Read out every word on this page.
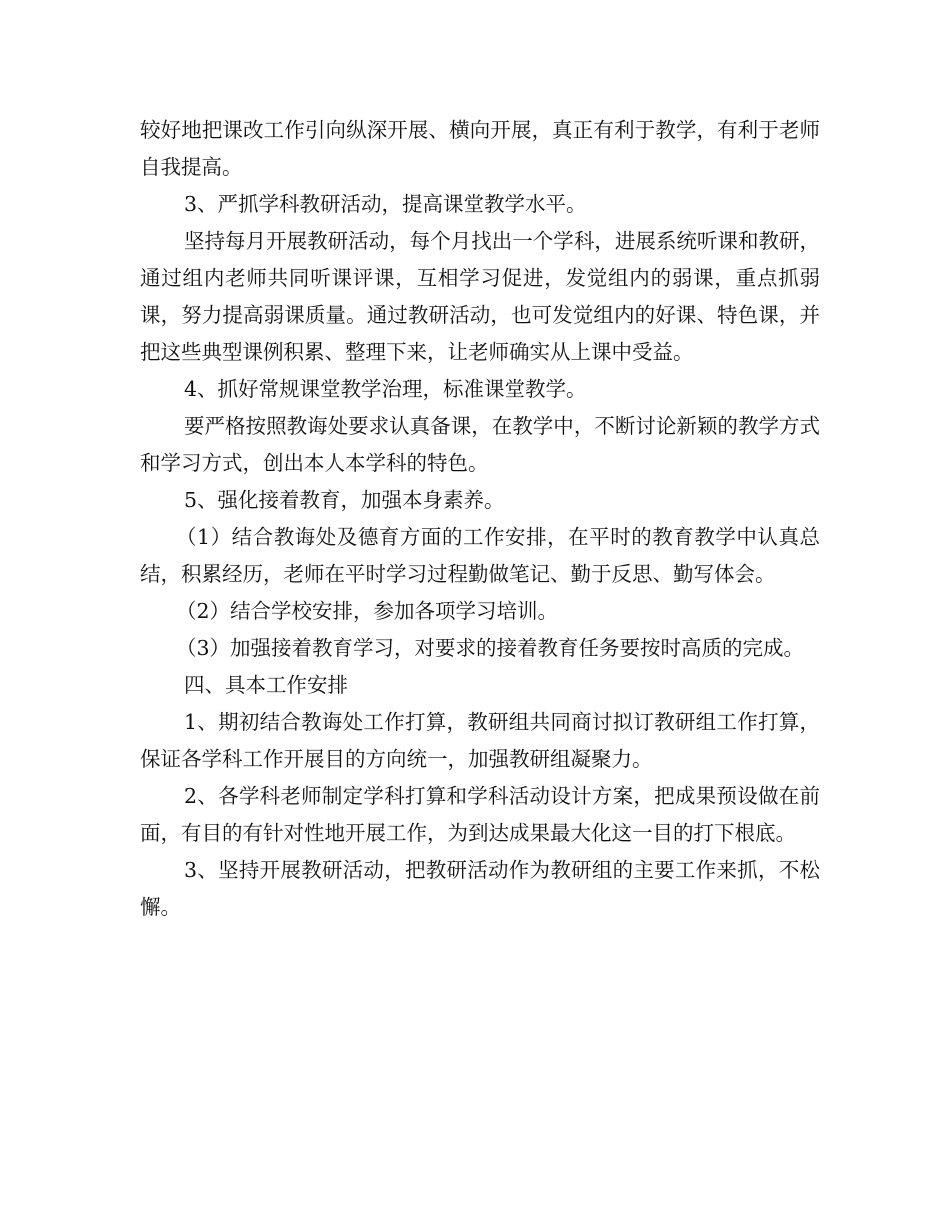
较好地把课改工作引向纵深开展、横向开展，真正有利于教学，有利于老师自我提高。

3、严抓学科教研活动，提高课堂教学水平。

坚持每月开展教研活动，每个月找出一个学科，进展系统听课和教研，通过组内老师共同听课评课，互相学习促进，发觉组内的弱课，重点抓弱课，努力提高弱课质量。通过教研活动，也可发觉组内的好课、特色课，并把这些典型课例积累、整理下来，让老师确实从上课中受益。

4、抓好常规课堂教学治理，标准课堂教学。

要严格按照教诲处要求认真备课，在教学中，不断讨论新颖的教学方式和学习方式，创出本人本学科的特色。

5、强化接着教育，加强本身素养。

（1）结合教诲处及德育方面的工作安排，在平时的教育教学中认真总结，积累经历，老师在平时学习过程勤做笔记、勤于反思、勤写体会。

（2）结合学校安排，参加各项学习培训。

（3）加强接着教育学习，对要求的接着教育任务要按时高质的完成。

四、具本工作安排

1、期初结合教诲处工作打算，教研组共同商讨拟订教研组工作打算，保证各学科工作开展目的方向统一，加强教研组凝聚力。

2、各学科老师制定学科打算和学科活动设计方案，把成果预设做在前面，有目的有针对性地开展工作，为到达成果最大化这一目的打下根底。

3、坚持开展教研活动，把教研活动作为教研组的主要工作来抓，不松懈。
